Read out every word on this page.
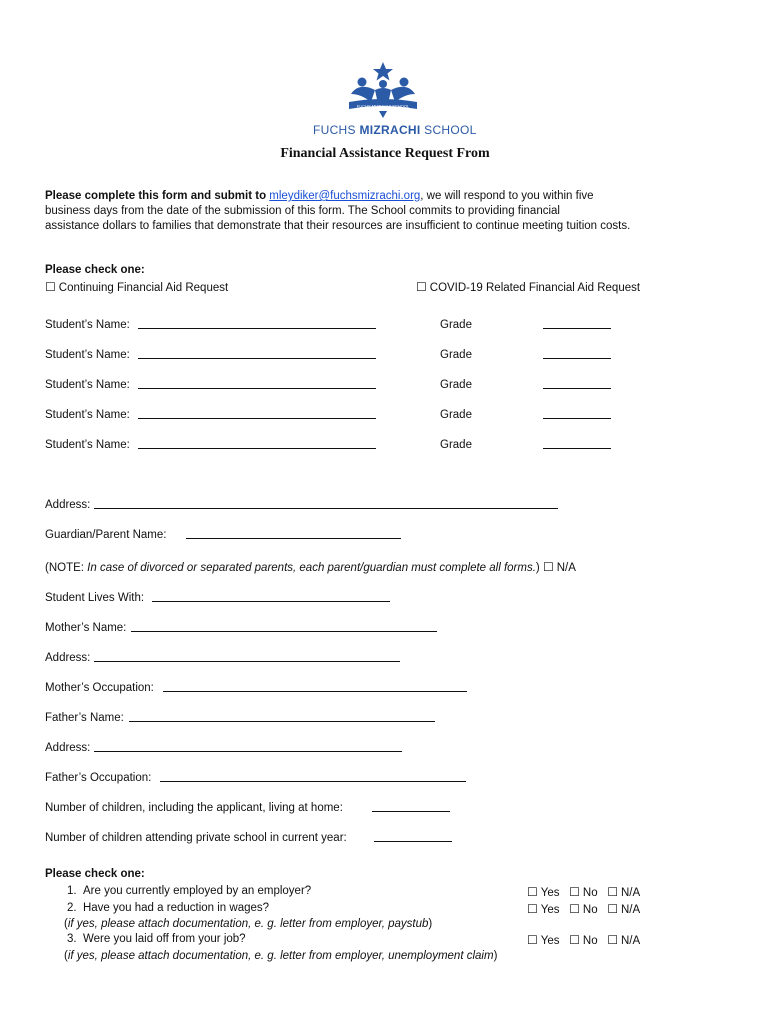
FUCHS MIZRACHI SCHOOL
FUCHS MIZRACHI SCHOOL
Financial Assistance Request From
Please complete this form and submit to mleydiker@fuchsmizrachi.org, we will respond to you within five
business days from the date of the submission of this form. The School commits to providing financial
assistance dollars to families that demonstrate that their resources are insufficient to continue meeting tuition costs.
Please check one:
☐ Continuing Financial Aid Request	☐ COVID-19 Related Financial Aid Request
Student’s Name:	Grade
Student’s Name:	Grade
Student’s Name:	Grade
Student’s Name:	Grade
Student’s Name:	Grade
Address:
Guardian/Parent Name:
(NOTE: In case of divorced or separated parents, each parent/guardian must complete all forms.) ☐ N/A
Student Lives With:
Mother’s Name:
Address:
Mother’s Occupation:
Father’s Name:
Address:
Father’s Occupation:
Number of children, including the applicant, living at home:
Number of children attending private school in current year:
Please check one:
1. Are you currently employed by an employer?	☐ Yes ☐ No ☐ N/A
2. Have you had a reduction in wages?	☐ Yes ☐ No ☐ N/A
(if yes, please attach documentation, e. g. letter from employer, paystub)
3. Were you laid off from your job?	☐ Yes ☐ No ☐ N/A
(if yes, please attach documentation, e. g. letter from employer, unemployment claim)
